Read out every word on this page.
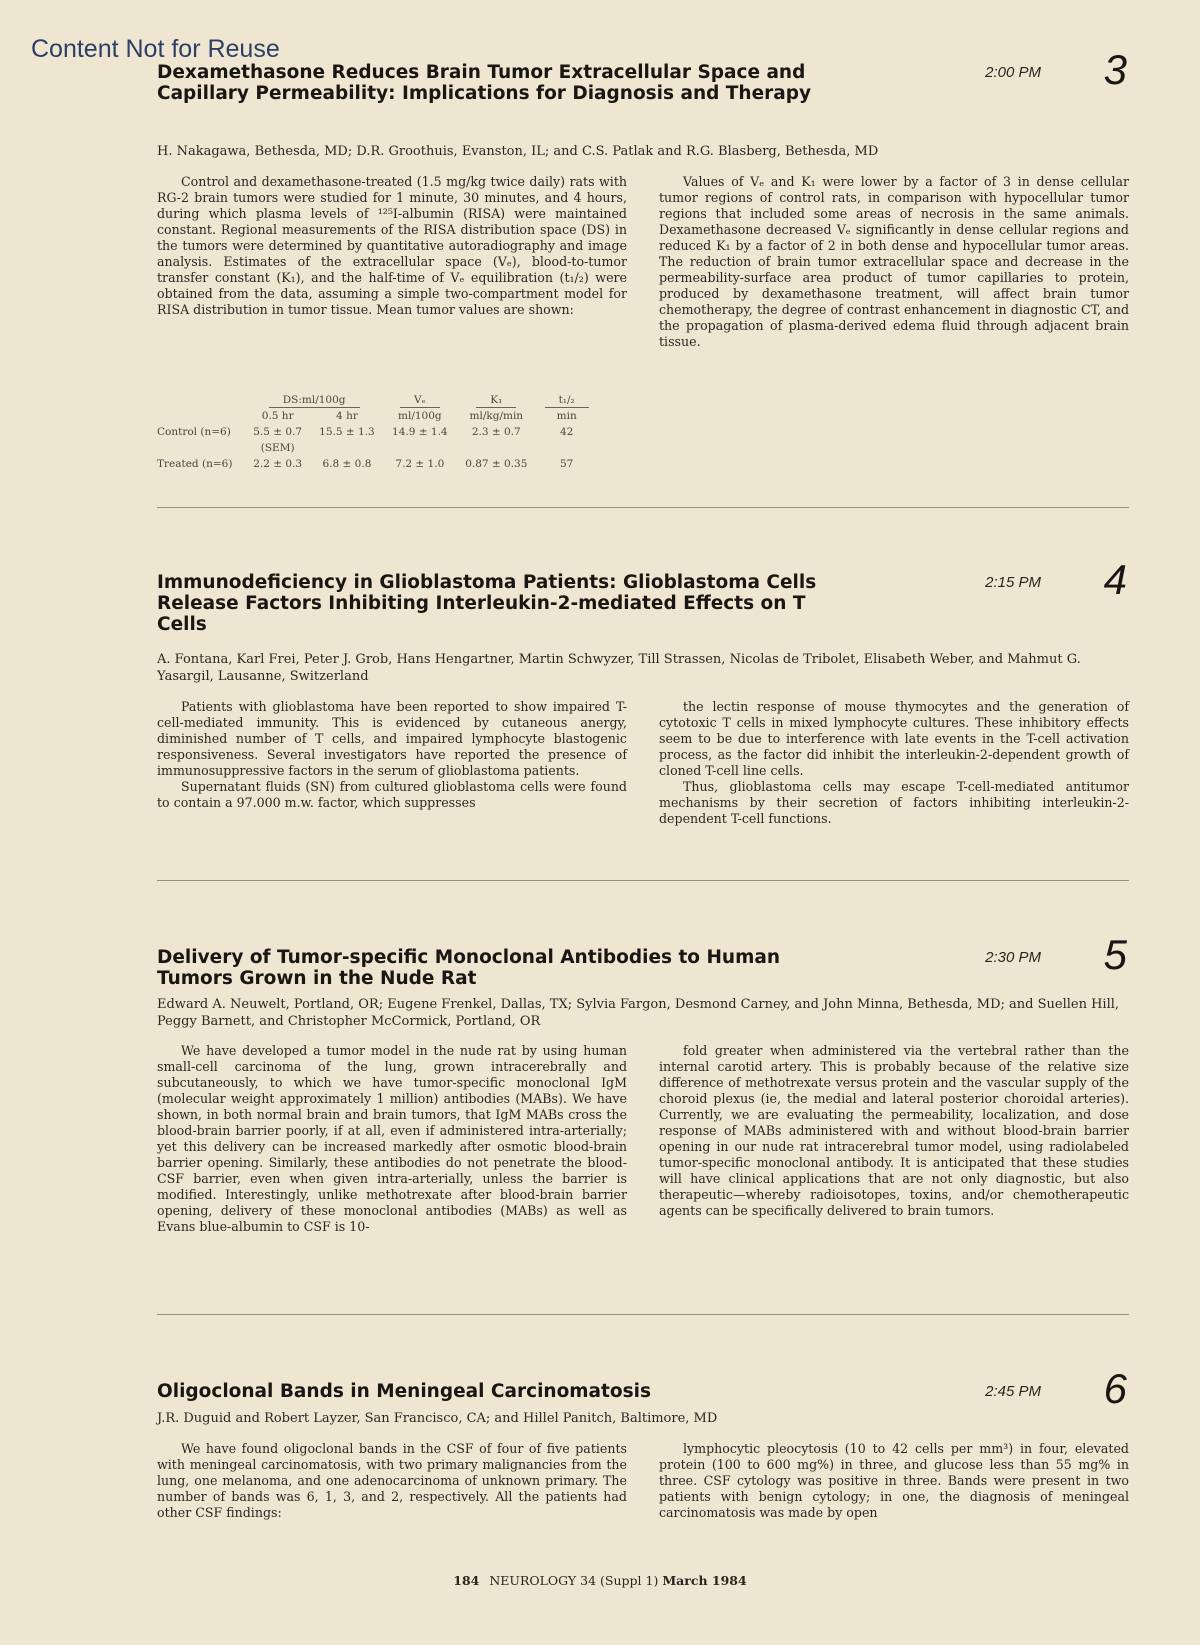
Content Not for Reuse
Dexamethasone Reduces Brain Tumor Extracellular Space and Capillary Permeability: Implications for Diagnosis and Therapy
2:00 PM 3

H. Nakagawa, Bethesda, MD; D.R. Groothuis, Evanston, IL; and C.S. Patlak and R.G. Blasberg, Bethesda, MD

Control and dexamethasone-treated (1.5 mg/kg twice daily) rats with RG-2 brain tumors were studied for 1 minute, 30 minutes, and 4 hours, during which plasma levels of ¹²⁵I-albumin (RISA) were maintained constant. Regional measurements of the RISA distribution space (DS) in the tumors were determined by quantitative autoradiography and image analysis. Estimates of the extracellular space (Vₑ), blood-to-tumor transfer constant (K₁), and the half-time of Vₑ equilibration (t₁/₂) were obtained from the data, assuming a simple two-compartment model for RISA distribution in tumor tissue. Mean tumor values are shown:

Values of Vₑ and K₁ were lower by a factor of 3 in dense cellular tumor regions of control rats, in comparison with hypocellular tumor regions that included some areas of necrosis in the same animals. Dexamethasone decreased Vₑ significantly in dense cellular regions and reduced K₁ by a factor of 2 in both dense and hypocellular tumor areas. The reduction of brain tumor extracellular space and decrease in the permeability-surface area product of tumor capillaries to protein, produced by dexamethasone treatment, will affect brain tumor chemotherapy, the degree of contrast enhancement in diagnostic CT, and the propagation of plasma-derived edema fluid through adjacent brain tissue.

	DS:ml/100g		Vₑ	K₁	t₁/₂
	0.5 hr	4 hr	ml/100g	ml/kg/min	min
Control (n=6)	5.5 ± 0.7	15.5 ± 1.3	14.9 ± 1.4	2.3 ± 0.7	42
	(SEM)				
Treated (n=6)	2.2 ± 0.3	6.8 ± 0.8	7.2 ± 1.0	0.87 ± 0.35	57
Immunodeficiency in Glioblastoma Patients: Glioblastoma Cells Release Factors Inhibiting Interleukin-2-mediated Effects on T Cells
2:15 PM 4

A. Fontana, Karl Frei, Peter J. Grob, Hans Hengartner, Martin Schwyzer, Till Strassen, Nicolas de Tribolet, Elisabeth Weber, and Mahmut G. Yasargil, Lausanne, Switzerland

Patients with glioblastoma have been reported to show impaired T-cell-mediated immunity. This is evidenced by cutaneous anergy, diminished number of T cells, and impaired lymphocyte blastogenic responsiveness. Several investigators have reported the presence of immunosuppressive factors in the serum of glioblastoma patients.

Supernatant fluids (SN) from cultured glioblastoma cells were found to contain a 97.000 m.w. factor, which suppresses

the lectin response of mouse thymocytes and the generation of cytotoxic T cells in mixed lymphocyte cultures. These inhibitory effects seem to be due to interference with late events in the T-cell activation process, as the factor did inhibit the interleukin-2-dependent growth of cloned T-cell line cells.

Thus, glioblastoma cells may escape T-cell-mediated antitumor mechanisms by their secretion of factors inhibiting interleukin-2-dependent T-cell functions.

Delivery of Tumor-specific Monoclonal Antibodies to Human Tumors Grown in the Nude Rat
2:30 PM 5

Edward A. Neuwelt, Portland, OR; Eugene Frenkel, Dallas, TX; Sylvia Fargon, Desmond Carney, and John Minna, Bethesda, MD; and Suellen Hill, Peggy Barnett, and Christopher McCormick, Portland, OR

We have developed a tumor model in the nude rat by using human small-cell carcinoma of the lung, grown intracerebrally and subcutaneously, to which we have tumor-specific monoclonal IgM (molecular weight approximately 1 million) antibodies (MABs). We have shown, in both normal brain and brain tumors, that IgM MABs cross the blood-brain barrier poorly, if at all, even if administered intra-arterially; yet this delivery can be increased markedly after osmotic blood-brain barrier opening. Similarly, these antibodies do not penetrate the blood-CSF barrier, even when given intra-arterially, unless the barrier is modified. Interestingly, unlike methotrexate after blood-brain barrier opening, delivery of these monoclonal antibodies (MABs) as well as Evans blue-albumin to CSF is 10-

fold greater when administered via the vertebral rather than the internal carotid artery. This is probably because of the relative size difference of methotrexate versus protein and the vascular supply of the choroid plexus (ie, the medial and lateral posterior choroidal arteries). Currently, we are evaluating the permeability, localization, and dose response of MABs administered with and without blood-brain barrier opening in our nude rat intracerebral tumor model, using radiolabeled tumor-specific monoclonal antibody. It is anticipated that these studies will have clinical applications that are not only diagnostic, but also therapeutic—whereby radioisotopes, toxins, and/or chemotherapeutic agents can be specifically delivered to brain tumors.

Oligoclonal Bands in Meningeal Carcinomatosis	2:45 PM 6

J.R. Duguid and Robert Layzer, San Francisco, CA; and Hillel Panitch, Baltimore, MD

We have found oligoclonal bands in the CSF of four of five patients with meningeal carcinomatosis, with two primary malignancies from the lung, one melanoma, and one adenocarcinoma of unknown primary. The number of bands was 6, 1, 3, and 2, respectively. All the patients had other CSF findings:

lymphocytic pleocytosis (10 to 42 cells per mm³) in four, elevated protein (100 to 600 mg%) in three, and glucose less than 55 mg% in three. CSF cytology was positive in three. Bands were present in two patients with benign cytology; in one, the diagnosis of meningeal carcinomatosis was made by open

184 NEUROLOGY 34 (Suppl 1) March 1984
